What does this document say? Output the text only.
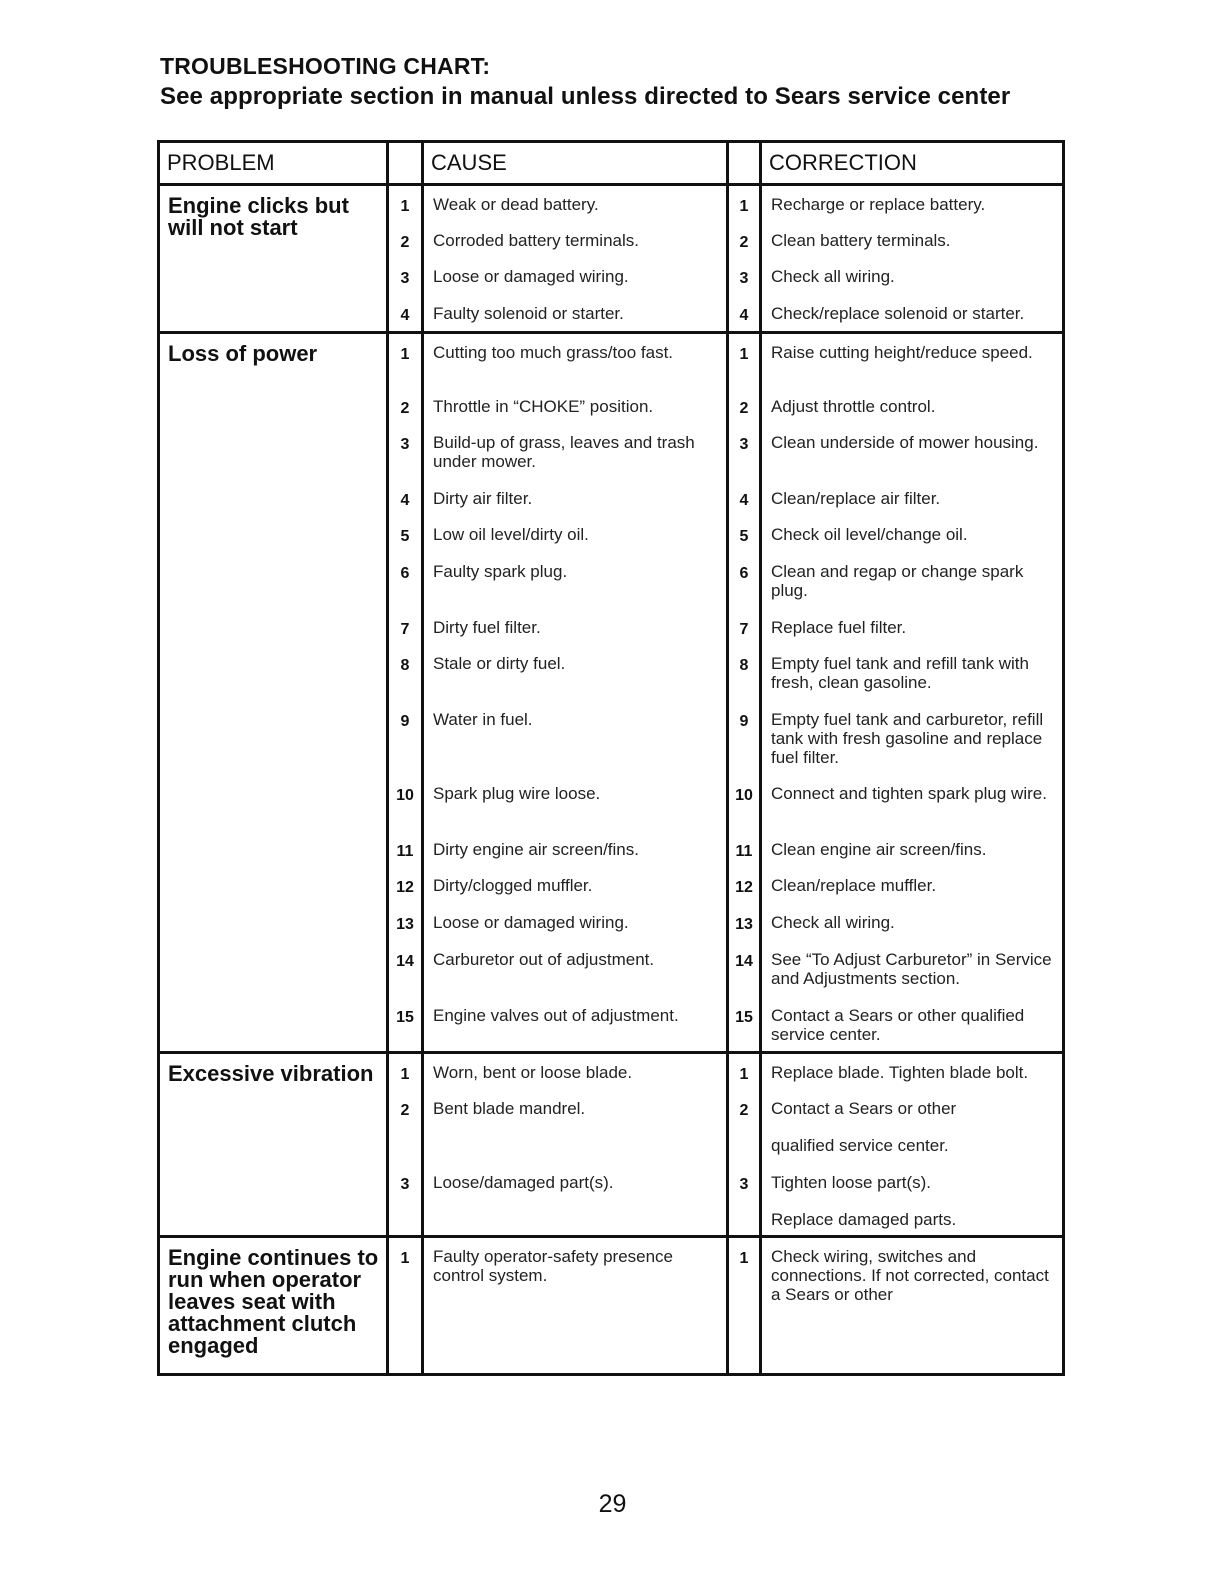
TROUBLESHOOTING CHART:
See appropriate section in manual unless directed to Sears service center
PROBLEM		CAUSE		CORRECTION
Engine clicks but will not start	1	Weak or dead battery.	1	Recharge or replace battery.
	2	Corroded battery terminals.	2	Clean battery terminals.
	3	Loose or damaged wiring.	3	Check all wiring.
	4	Faulty solenoid or starter.	4	Check/replace solenoid or starter.
Loss of power	1	Cutting too much grass/too fast.	1	Raise cutting height/reduce speed.
	2	Throttle in “CHOKE” position.	2	Adjust throttle control.
	3	Build-up of grass, leaves and trash under mower.	3	Clean underside of mower housing.
	4	Dirty air filter.	4	Clean/replace air filter.
	5	Low oil level/dirty oil.	5	Check oil level/change oil.
	6	Faulty spark plug.	6	Clean and regap or change spark plug.
	7	Dirty fuel filter.	7	Replace fuel filter.
	8	Stale or dirty fuel.	8	Empty fuel tank and refill tank with fresh, clean gasoline.
	9	Water in fuel.	9	Empty fuel tank and carburetor, refill tank with fresh gasoline and replace fuel filter.
	10	Spark plug wire loose.	10	Connect and tighten spark plug wire.
	11	Dirty engine air screen/fins.	11	Clean engine air screen/fins.
	12	Dirty/clogged muffler.	12	Clean/replace muffler.
	13	Loose or damaged wiring.	13	Check all wiring.
	14	Carburetor out of adjustment.	14	See “To Adjust Carburetor” in Service and Adjustments section.
	15	Engine valves out of adjustment.	15	Contact a Sears or other qualified service center.
Excessive vibration	1	Worn, bent or loose blade.	1	Replace blade. Tighten blade bolt.
	2	Bent blade mandrel.	2	Contact a Sears or other
				qualified service center.
	3	Loose/damaged part(s).	3	Tighten loose part(s).
				Replace damaged parts.
Engine continues to run when operator leaves seat with attachment clutch engaged	1	Faulty operator-safety presence control system.	1	Check wiring, switches and connections. If not corrected, contact a Sears or other
29
